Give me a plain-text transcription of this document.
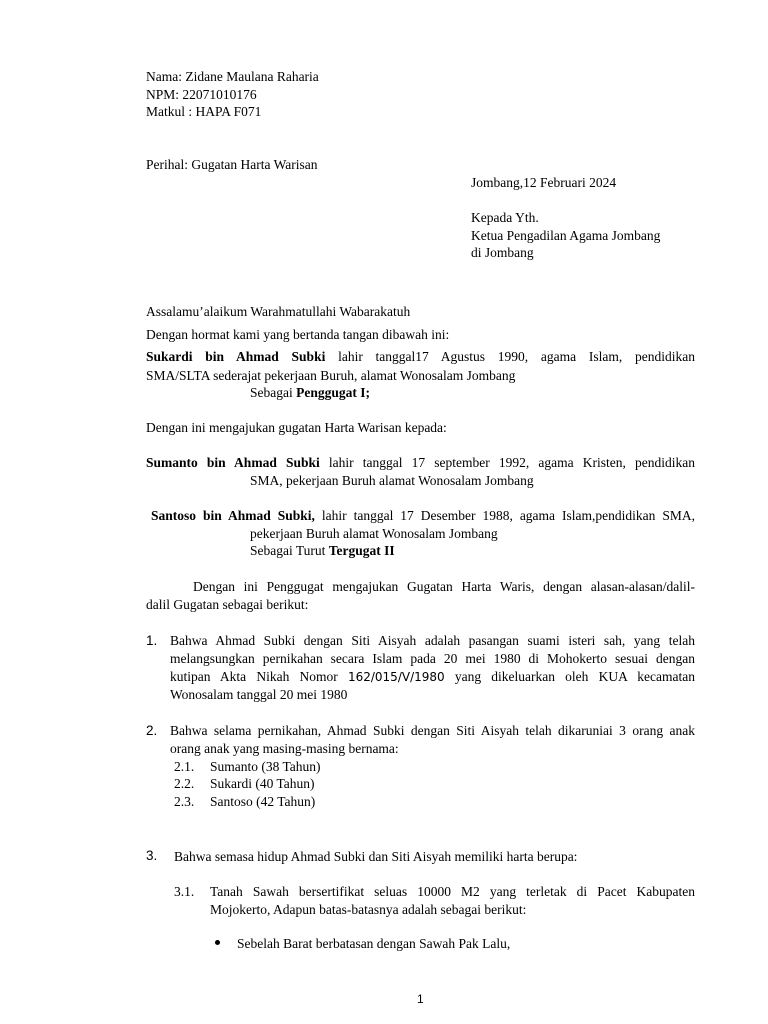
Nama: Zidane Maulana Raharia
NPM: 22071010176
Matkul : HAPA F071
Perihal: Gugatan Harta Warisan
Jombang,12 Februari 2024
Kepada Yth.
Ketua Pengadilan Agama Jombang
di Jombang
Assalamu’alaikum Warahmatullahi Wabarakatuh
Dengan hormat kami yang bertanda tangan dibawah ini:
Sukardi bin Ahmad Subki lahir tanggal17 Agustus 1990, agama Islam, pendidikan
SMA/SLTA sederajat pekerjaan Buruh, alamat Wonosalam Jombang
Sebagai Penggugat I;
Dengan ini mengajukan gugatan Harta Warisan kepada:
Sumanto bin Ahmad Subki lahir tanggal 17 september 1992, agama Kristen, pendidikan
SMA, pekerjaan Buruh alamat Wonosalam Jombang
Santoso bin Ahmad Subki, lahir tanggal 17 Desember 1988, agama Islam,pendidikan SMA,
pekerjaan Buruh alamat Wonosalam Jombang
Sebagai Turut Tergugat II
Dengan ini Penggugat mengajukan Gugatan Harta Waris, dengan alasan-alasan/dalil-
dalil Gugatan sebagai berikut:
1. Bahwa Ahmad Subki dengan Siti Aisyah adalah pasangan suami isteri sah, yang telah
melangsungkan pernikahan secara Islam pada 20 mei 1980 di Mohokerto sesuai dengan
kutipan Akta Nikah Nomor 162/015/V/1980 yang dikeluarkan oleh KUA kecamatan
Wonosalam tanggal 20 mei 1980
2. Bahwa selama pernikahan, Ahmad Subki dengan Siti Aisyah telah dikaruniai 3 orang anak
orang anak yang masing-masing bernama:
2.1. Sumanto (38 Tahun)
2.2. Sukardi (40 Tahun)
2.3. Santoso (42 Tahun)
3. Bahwa semasa hidup Ahmad Subki dan Siti Aisyah memiliki harta berupa:
3.1. Tanah Sawah bersertifikat seluas 10000 M2 yang terletak di Pacet Kabupaten
Mojokerto, Adapun batas-batasnya adalah sebagai berikut:
Sebelah Barat berbatasan dengan Sawah Pak Lalu,
1
